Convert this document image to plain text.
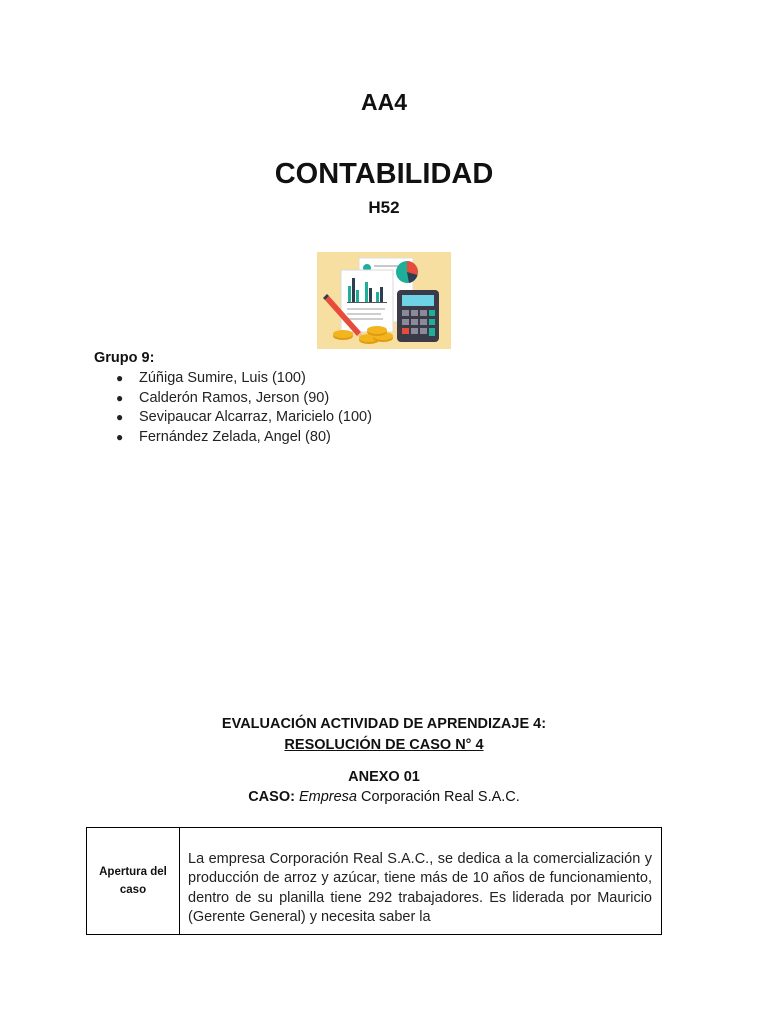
AA4
CONTABILIDAD
H52
Grupo 9:
● Zúñiga Sumire, Luis (100)
● Calderón Ramos, Jerson (90)
● Sevipaucar Alcarraz, Maricielo (100)
● Fernández Zelada, Angel (80)
EVALUACIÓN ACTIVIDAD DE APRENDIZAJE 4:
RESOLUCIÓN DE CASO N° 4
ANEXO 01
CASO: Empresa Corporación Real S.A.C.
Apertura del caso
La empresa Corporación Real S.A.C., se dedica a la comercialización y producción de arroz y azúcar, tiene más de 10 años de funcionamiento, dentro de su planilla tiene 292 trabajadores. Es liderada por Mauricio (Gerente General) y necesita saber la
